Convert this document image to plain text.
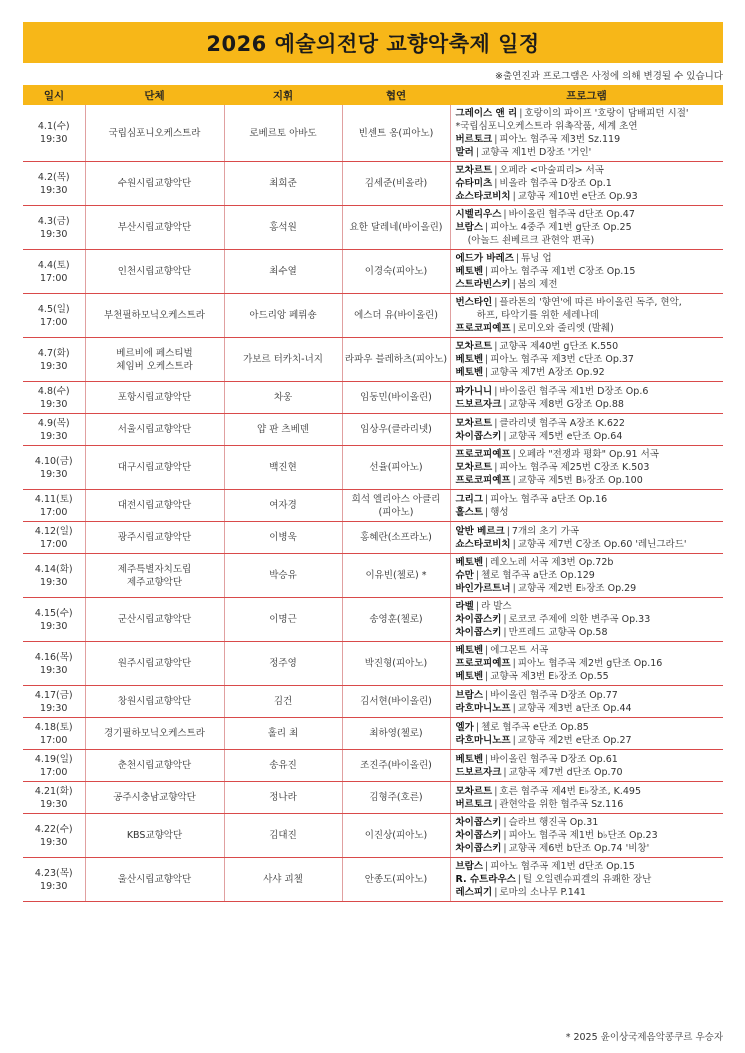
2026 예술의전당 교향악축제 일정
※출연진과 프로그램은 사정에 의해 변경될 수 있습니다
일시	단체	지휘	협연	프로그램

4.1(수)
19:30	국립심포니오케스트라	로베르토 아바도	빈센트 옹(피아노)	그레이스 앤 리 | 호랑이의 파이프 '호랑이 담배피던 시절'
*국립심포니오케스트라 위촉작품, 세계 초연
버르토크 | 피아노 협주곡 제3번 Sz.119
말러 | 교향곡 제1번 D장조 '거인'

4.2(목)
19:30	수원시립교향악단	최희준	김세준(비올라)	모차르트 | 오페라 <마술피리> 서곡
슈타미츠 | 비올라 협주곡 D장조 Op.1
쇼스타코비치 | 교향곡 제10번 e단조 Op.93

4.3(금)
19:30	부산시립교향악단	홍석원	요한 달레네(바이올린)	시벨리우스 | 바이올린 협주곡 d단조 Op.47
브람스 | 피아노 4중주 제1번 g단조 Op.25
(아놀드 쇤베르크 관현악 편곡)

4.4(토)
17:00	인천시립교향악단	최수열	이경숙(피아노)	에드가 바레즈 | 튜닝 업
베토벤 | 피아노 협주곡 제1번 C장조 Op.15
스트라빈스키 | 봄의 제전

4.5(일)
17:00	부천필하모닉오케스트라	아드리앙 페뤼숑	에스더 유(바이올린)	번스타인 | 플라톤의 '향연'에 따른 바이올린 독주, 현악,
하프, 타악기를 위한 세레나데
프로코피예프 | 로미오와 줄리엣 (발췌)

4.7(화)
19:30	베르비에 페스티벌
체임버 오케스트라	가보르 터카치-너지	라파우 블레하츠(피아노)	모차르트 | 교향곡 제40번 g단조 K.550
베토벤 | 피아노 협주곡 제3번 c단조 Op.37
베토벤 | 교향곡 제7번 A장조 Op.92

4.8(수)
19:30	포항시립교향악단	차웅	임동민(바이올린)	파가니니 | 바이올린 협주곡 제1번 D장조 Op.6
드보르자크 | 교향곡 제8번 G장조 Op.88

4.9(목)
19:30	서울시립교향악단	얍 판 츠베덴	임상우(클라리넷)	모차르트 | 클라리넷 협주곡 A장조 K.622
차이콥스키 | 교향곡 제5번 e단조 Op.64

4.10(금)
19:30	대구시립교향악단	백진현	선율(피아노)	프로코피예프 | 오페라 "전쟁과 평화" Op.91 서곡
모차르트 | 피아노 협주곡 제25번 C장조 K.503
프로코피예프 | 교향곡 제5번 B♭장조 Op.100

4.11(토)
17:00	대전시립교향악단	여자경	희석 엘리아스 아클리
(피아노)	그리그 | 피아노 협주곡 a단조 Op.16
홀스트 | 행성

4.12(일)
17:00	광주시립교향악단	이병욱	홍혜란(소프라노)	알반 베르크 | 7개의 초기 가곡
쇼스타코비치 | 교향곡 제7번 C장조 Op.60 '레닌그라드'

4.14(화)
19:30	제주특별자치도립
제주교향악단	박승유	이유빈(첼로) *	베토벤 | 레오노레 서곡 제3번 Op.72b
슈만 | 첼로 협주곡 a단조 Op.129
바인가르트너 | 교향곡 제2번 E♭장조 Op.29

4.15(수)
19:30	군산시립교향악단	이명근	송영훈(첼로)	라벨 | 라 발스
차이콥스키 | 로코코 주제에 의한 변주곡 Op.33
차이콥스키 | 만프레드 교향곡 Op.58

4.16(목)
19:30	원주시립교향악단	정주영	박진형(피아노)	베토벤 | 에그몬트 서곡
프로코피예프 | 피아노 협주곡 제2번 g단조 Op.16
베토벤 | 교향곡 제3번 E♭장조 Op.55

4.17(금)
19:30	창원시립교향악단	김건	김서현(바이올린)	브람스 | 바이올린 협주곡 D장조 Op.77
라흐마니노프 | 교향곡 제3번 a단조 Op.44

4.18(토)
17:00	경기필하모닉오케스트라	홀리 최	최하영(첼로)	엘가 | 첼로 협주곡 e단조 Op.85
라흐마니노프 | 교향곡 제2번 e단조 Op.27

4.19(일)
17:00	춘천시립교향악단	송유진	조진주(바이올린)	베토벤 | 바이올린 협주곡 D장조 Op.61
드보르자크 | 교향곡 제7번 d단조 Op.70

4.21(화)
19:30	공주시충남교향악단	정나라	김형주(호른)	모차르트 | 호른 협주곡 제4번 E♭장조, K.495
버르토크 | 관현악을 위한 협주곡 Sz.116

4.22(수)
19:30	KBS교향악단	김대진	이진상(피아노)	차이콥스키 | 슬라브 행진곡 Op.31
차이콥스키 | 피아노 협주곡 제1번 b♭단조 Op.23
차이콥스키 | 교향곡 제6번 b단조 Op.74 '비창'

4.23(목)
19:30	울산시립교향악단	사샤 괴첼	안종도(피아노)	브람스 | 피아노 협주곡 제1번 d단조 Op.15
R. 슈트라우스 | 틸 오일렌슈피겔의 유쾌한 장난
레스피기 | 로마의 소나무 P.141
* 2025 윤이상국제음악콩쿠르 우승자
